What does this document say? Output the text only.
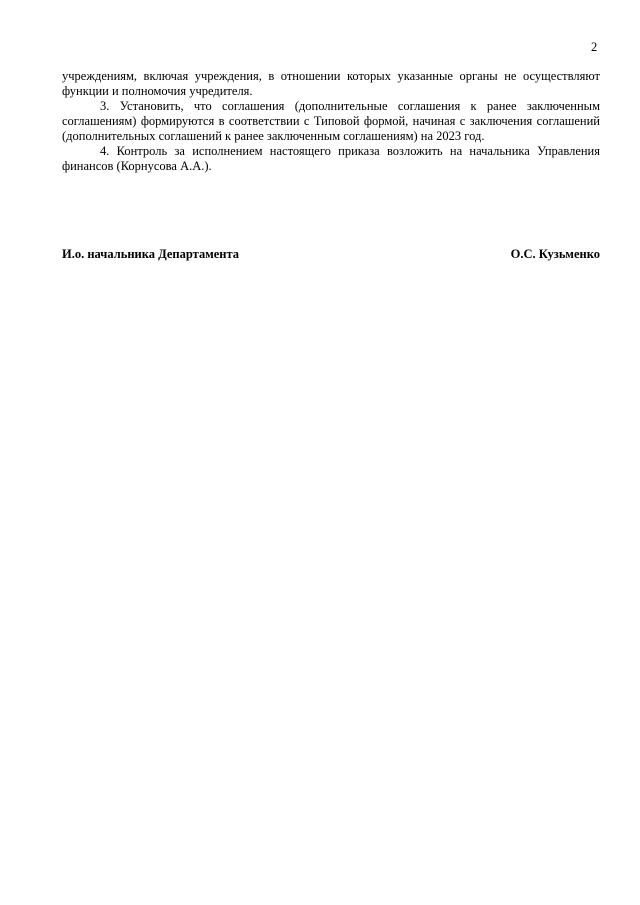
2

учреждениям, включая учреждения, в отношении которых указанные органы не осуществляют функции и полномочия учредителя.

3. Установить, что соглашения (дополнительные соглашения к ранее заключенным соглашениям) формируются в соответствии с Типовой формой, начиная с заключения соглашений (дополнительных соглашений к ранее заключенным соглашениям) на 2023 год.

4. Контроль за исполнением настоящего приказа возложить на начальника Управления финансов (Корнусова А.А.).

И.о. начальника Департамента	О.С. Кузьменко
